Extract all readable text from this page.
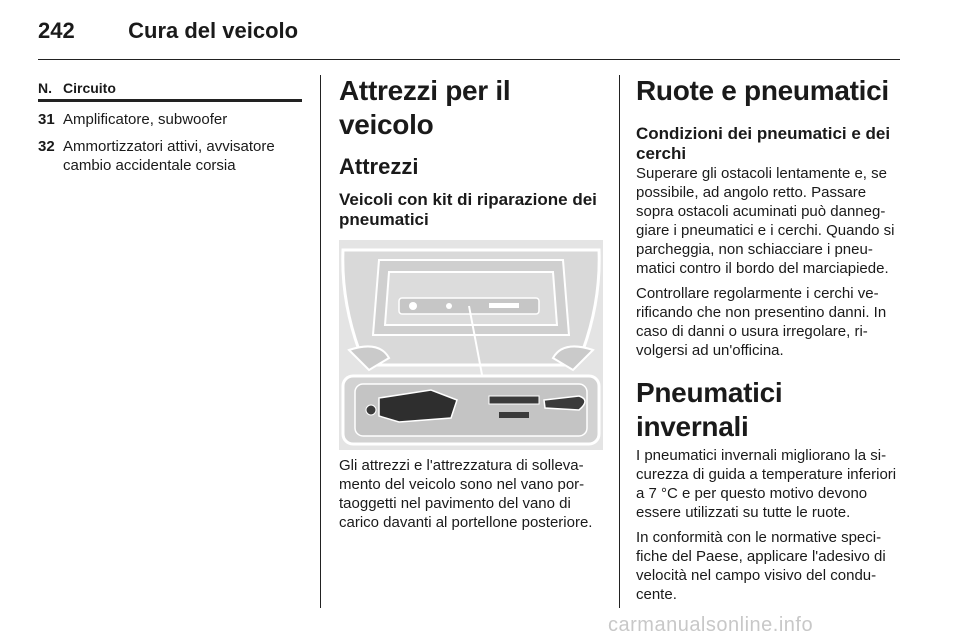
242 Cura del veicolo
N. Circuito
31 Amplificatore, subwoofer
32 Ammortizzatori attivi, avvisatore cambio accidentale corsia
Attrezzi per il veicolo
Attrezzi
Veicoli con kit di riparazione dei pneumatici

Gli attrezzi e l'attrezzatura di sollevamento del veicolo sono nel vano portaoggetti nel pavimento del vano di carico davanti al portellone posteriore.

Ruote e pneumatici
Condizioni dei pneumatici e dei cerchi

Superare gli ostacoli lentamente e, se possibile, ad angolo retto. Passare sopra ostacoli acuminati può danneggiare i pneumatici e i cerchi. Quando si parcheggia, non schiacciare i pneumatici contro il bordo del marciapiede.

Controllare regolarmente i cerchi verificando che non presentino danni. In caso di danni o usura irregolare, rivolgersi ad un'officina.

Pneumatici invernali

I pneumatici invernali migliorano la sicurezza di guida a temperature inferiori a 7 °C e per questo motivo devono essere utilizzati su tutte le ruote.

In conformità con le normative specifiche del Paese, applicare l'adesivo di velocità nel campo visivo del conducente.

carmanualsonline.info
